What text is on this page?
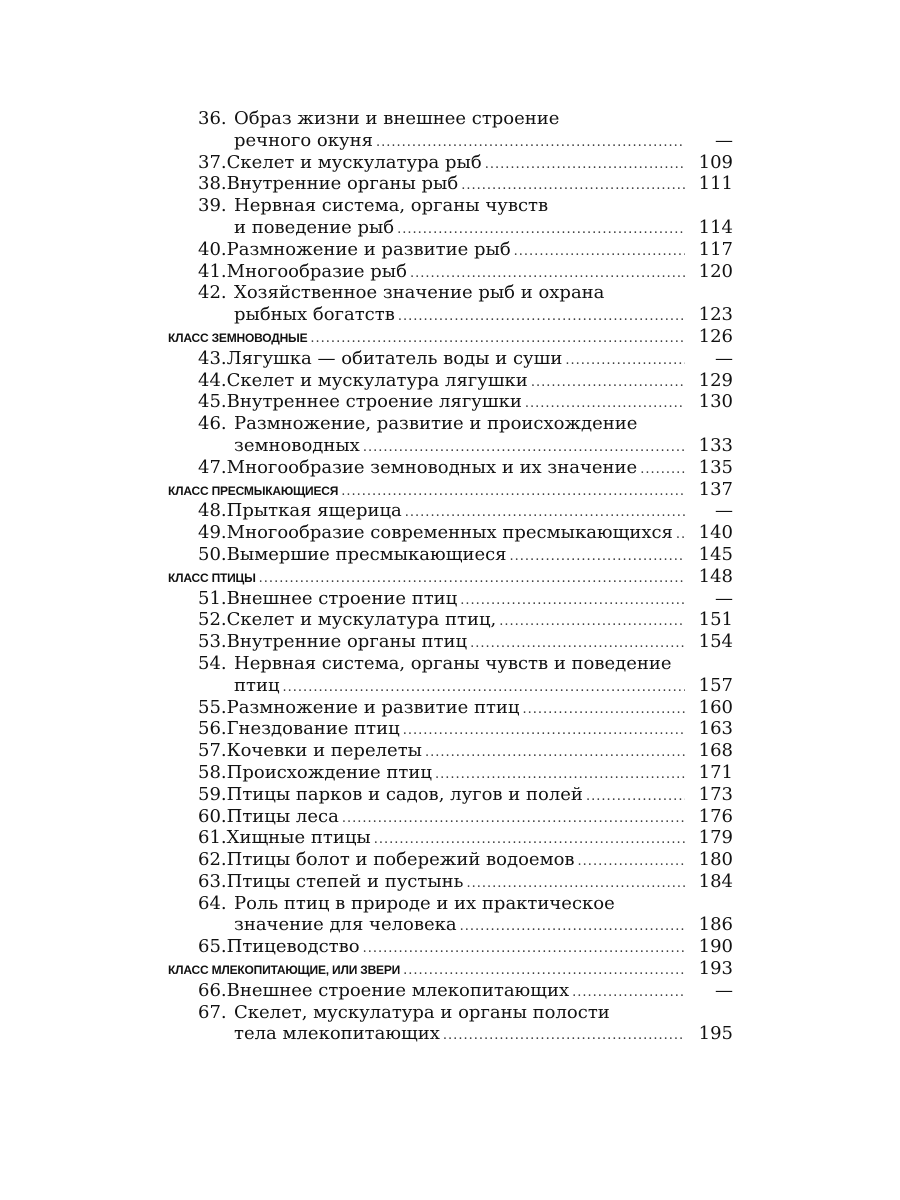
36. Образ жизни и внешнее строение
речного окуня .....	—
37. Скелет и мускулатура рыб .....	109
38. Внутренние органы рыб .....	111
39. Нервная система, органы чувств
и поведение рыб .....	114
40. Размножение и развитие рыб .....	117
41. Многообразие рыб .....	120
42. Хозяйственное значение рыб и охрана
рыбных богатств .....	123
КЛАСС ЗЕМНОВОДНЫЕ .....	126
43. Лягушка — обитатель воды и суши .....	—
44. Скелет и мускулатура лягушки .....	129
45. Внутреннее строение лягушки .....	130
46. Размножение, развитие и происхождение
земноводных .....	133
47. Многообразие земноводных и их значение .....	135
КЛАСС ПРЕСМЫКАЮЩИЕСЯ .....	137
48. Прыткая ящерица .....	—
49. Многообразие современных пресмыкающихся .....	140
50. Вымершие пресмыкающиеся .....	145
КЛАСС ПТИЦЫ .....	148
51. Внешнее строение птиц .....	—
52. Скелет и мускулатура птиц, .....	151
53. Внутренние органы птиц .....	154
54. Нервная система, органы чувств и поведение
птиц .....	157
55. Размножение и развитие птиц .....	160
56. Гнездование птиц .....	163
57. Кочевки и перелеты .....	168
58. Происхождение птиц .....	171
59. Птицы парков и садов, лугов и полей .....	173
60. Птицы леса .....	176
61. Хищные птицы .....	179
62. Птицы болот и побережий водоемов .....	180
63. Птицы степей и пустынь .....	184
64. Роль птиц в природе и их практическое
значение для человека .....	186
65. Птицеводство .....	190
КЛАСС МЛЕКОПИТАЮЩИЕ, ИЛИ ЗВЕРИ .....	193
66. Внешнее строение млекопитающих .....	—
67. Скелет, мускулатура и органы полости
тела млекопитающих .....	195
